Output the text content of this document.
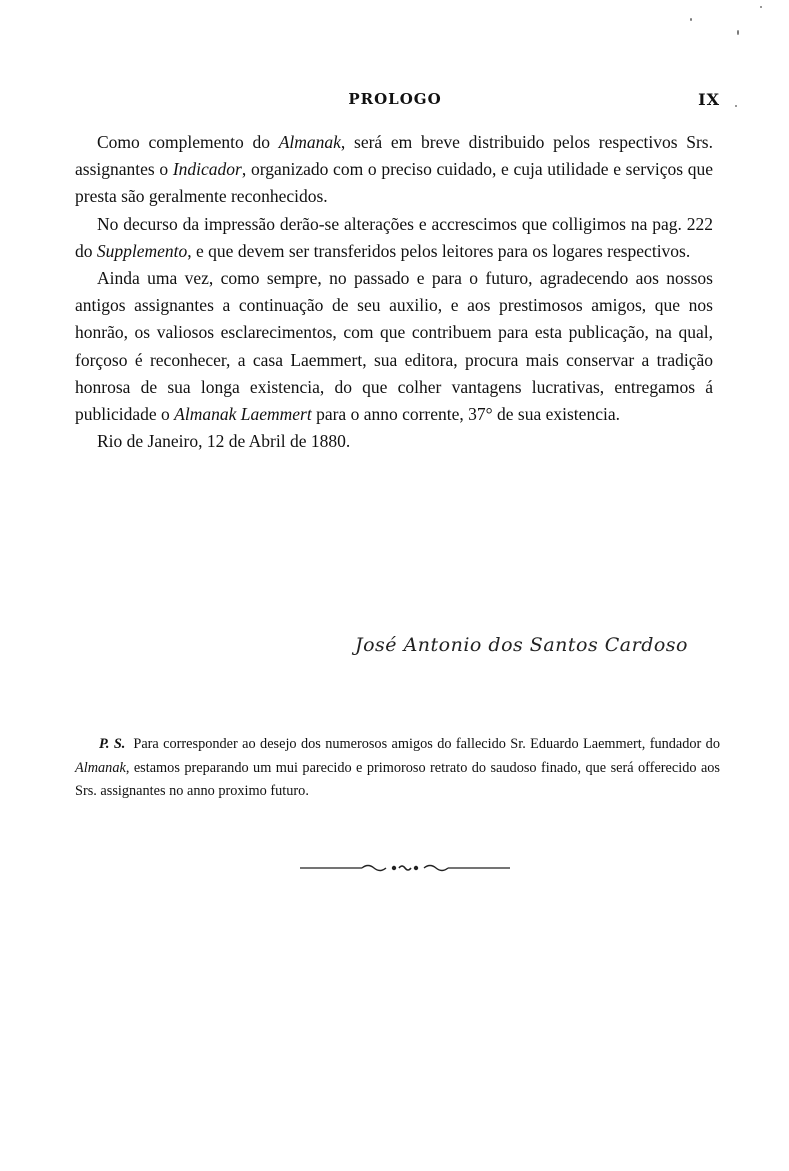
PROLOGO	IX

Como complemento do Almanak, será em breve distribuido pelos respectivos Srs. assignantes o Indicador, organizado com o preciso cuidado, e cuja utilidade e serviços que presta são geralmente reconhecidos.

No decurso da impressão derão-se alterações e accrescimos que colligimos na pag. 222 do Supplemento, e que devem ser transferidos pelos leitores para os logares respectivos.

Ainda uma vez, como sempre, no passado e para o futuro, agradecendo aos nossos antigos assignantes a continuação de seu auxilio, e aos prestimosos amigos, que nos honrão, os valiosos esclarecimentos, com que contribuem para esta publicação, na qual, forçoso é reconhecer, a casa Laemmert, sua editora, procura mais conservar a tradição honrosa de sua longa existencia, do que colher vantagens lucrativas, entregamos á publicidade o Almanak Laemmert para o anno corrente, 37° de sua existencia.

Rio de Janeiro, 12 de Abril de 1880.

José Antonio dos Santos Cardoso
P. S. Para corresponder ao desejo dos numerosos amigos do fallecido Sr. Eduardo Laemmert, fundador do Almanak, estamos preparando um mui parecido e primoroso retrato do saudoso finado, que será offerecido aos Srs. assignantes no anno proximo futuro.
